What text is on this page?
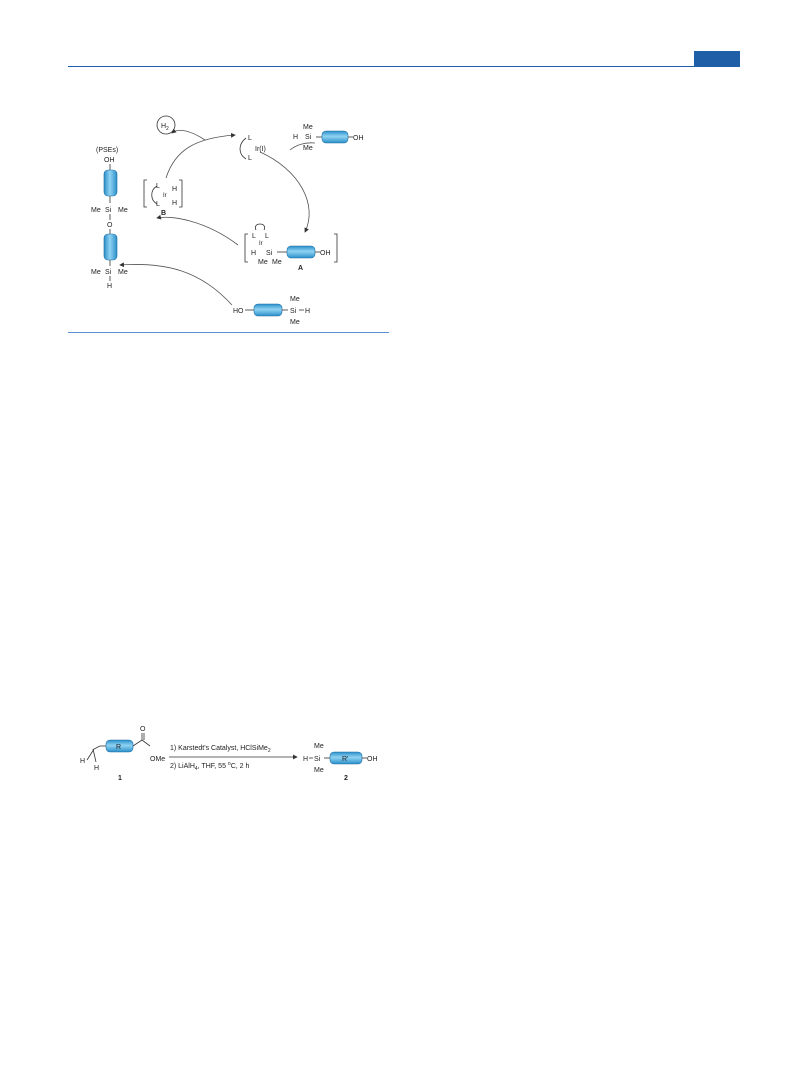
H 2
(PSEs)
OH
Me Si Me
O
Me Si Me
H
L
L
Ir
H
H
B
L
L
Ir(I)
Me
H Si
Me
OH
L L
Ir
H Si
Me Me
OH
A
HO
Me
Si H
Me
H
H
R
O
OMe
1
1) Karstedt's Catalyst, HClSiMe$_2$
2) LiAlH$_4$, THF, 55 $^o$C, 2 h
Me
H Si
Me
R'	OH
2
